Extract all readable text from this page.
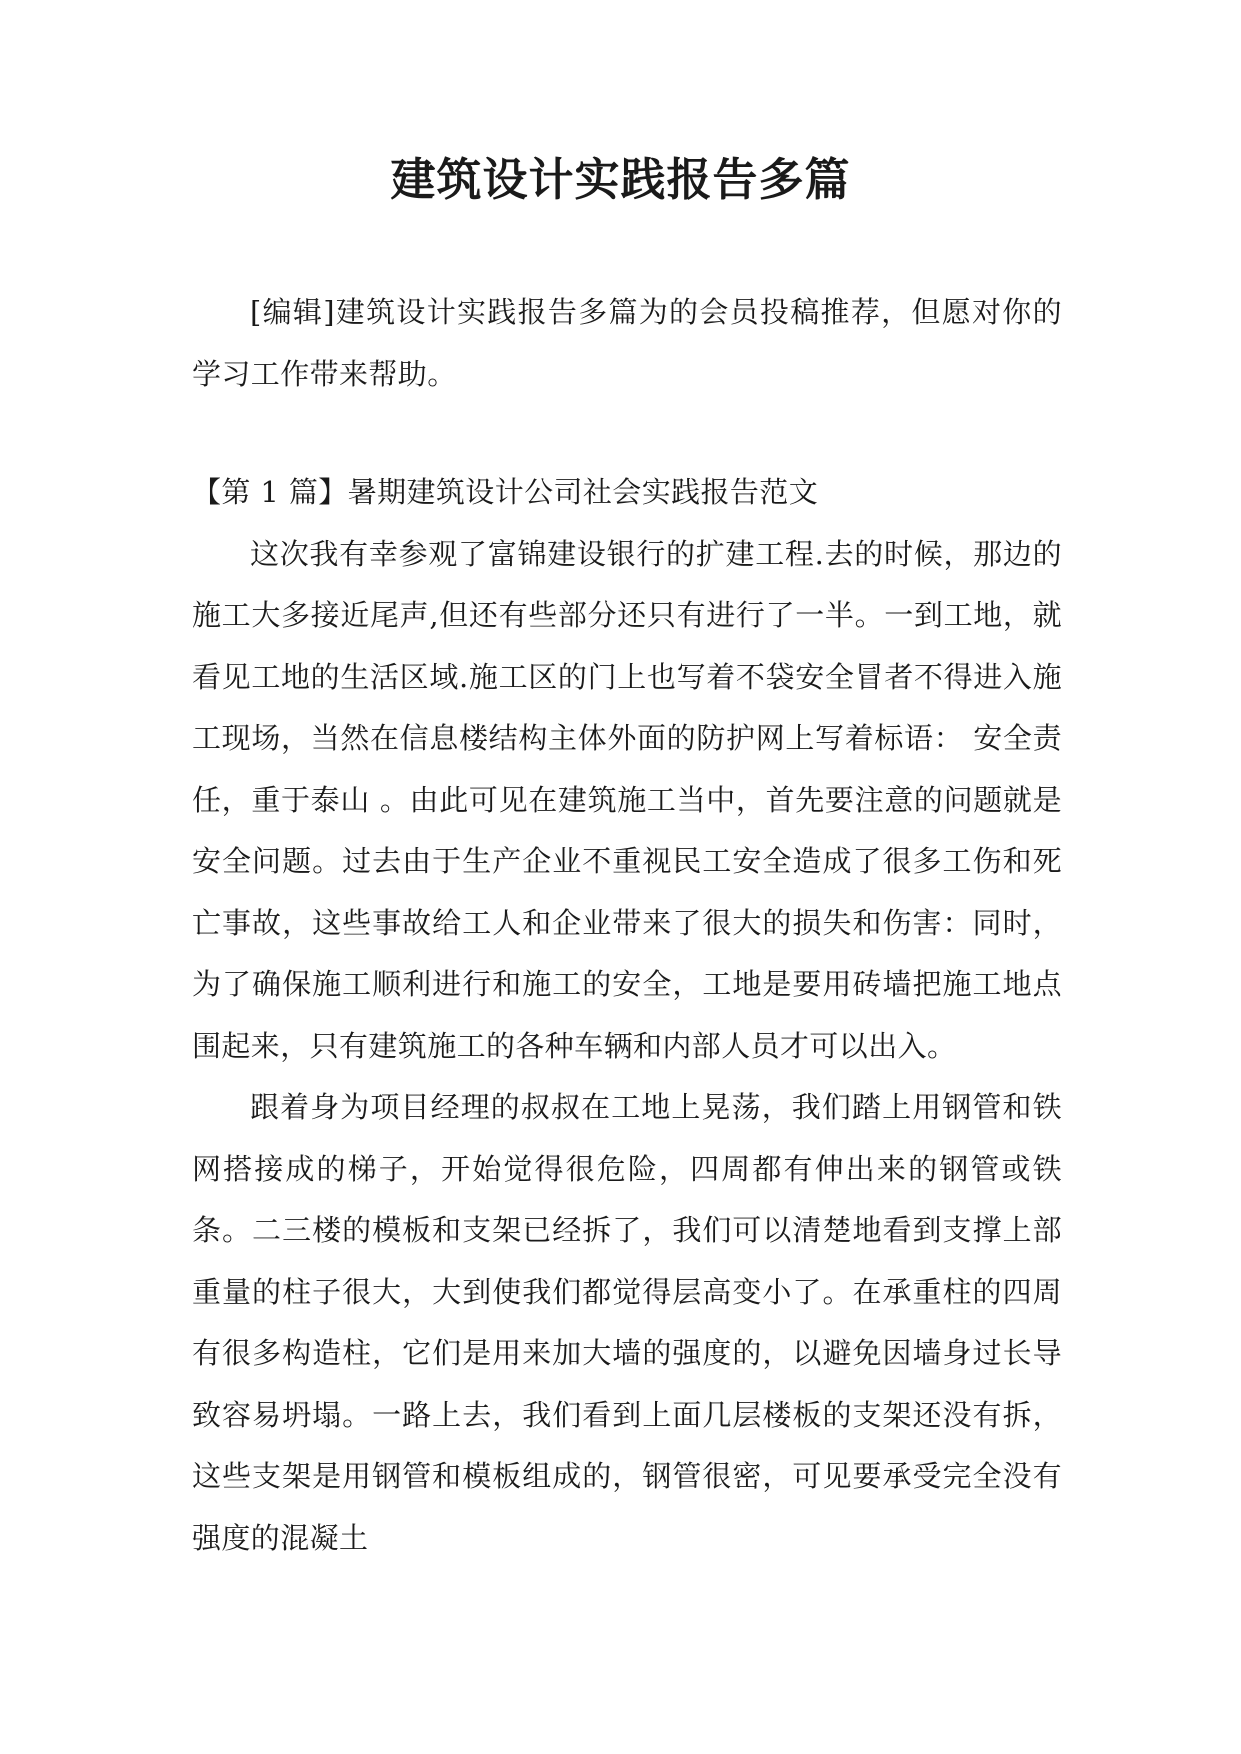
建筑设计实践报告多篇

[编辑]建筑设计实践报告多篇为的会员投稿推荐，但愿对你的学习工作带来帮助。

【第 1 篇】暑期建筑设计公司社会实践报告范文

这次我有幸参观了富锦建设银行的扩建工程.去的时候，那边的施工大多接近尾声,但还有些部分还只有进行了一半。一到工地，就看见工地的生活区域.施工区的门上也写着不袋安全冒者不得进入施工现场，当然在信息楼结构主体外面的防护网上写着标语： 安全责任，重于泰山 。由此可见在建筑施工当中，首先要注意的问题就是安全问题。过去由于生产企业不重视民工安全造成了很多工伤和死亡事故，这些事故给工人和企业带来了很大的损失和伤害：同时，为了确保施工顺利进行和施工的安全，工地是要用砖墙把施工地点围起来，只有建筑施工的各种车辆和内部人员才可以出入。

跟着身为项目经理的叔叔在工地上晃荡，我们踏上用钢管和铁网搭接成的梯子，开始觉得很危险，四周都有伸出来的钢管或铁条。二三楼的模板和支架已经拆了，我们可以清楚地看到支撑上部重量的柱子很大，大到使我们都觉得层高变小了。在承重柱的四周有很多构造柱，它们是用来加大墙的强度的，以避免因墙身过长导致容易坍塌。一路上去，我们看到上面几层楼板的支架还没有拆，这些支架是用钢管和模板组成的，钢管很密，可见要承受完全没有强度的混凝土
